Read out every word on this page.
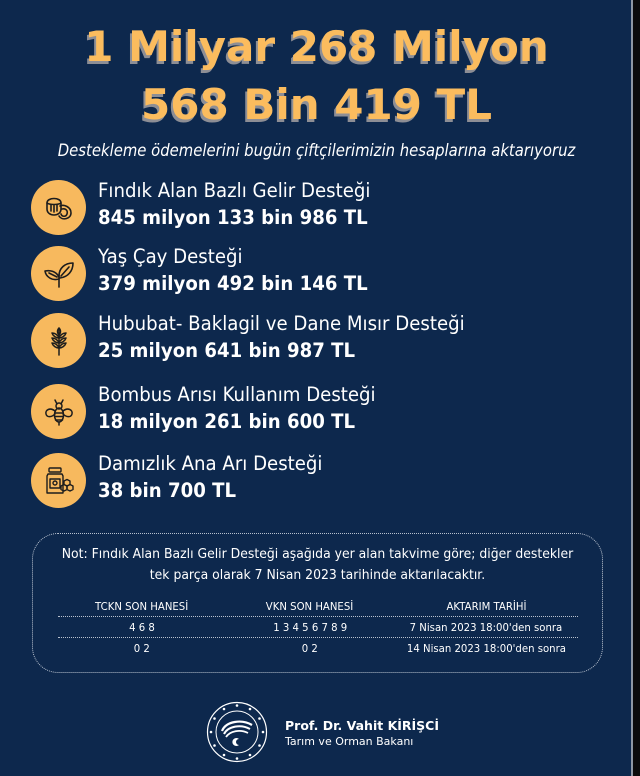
1 Milyar 268 Milyon
568 Bin 419 TL
Destekleme ödemelerini bugün çiftçilerimizin hesaplarına aktarıyoruz
Fındık Alan Bazlı Gelir Desteği
845 milyon 133 bin 986 TL
Yaş Çay Desteği
379 milyon 492 bin 146 TL
Hububat- Baklagil ve Dane Mısır Desteği
25 milyon 641 bin 987 TL
Bombus Arısı Kullanım Desteği
18 milyon 261 bin 600 TL
Damızlık Ana Arı Desteği
38 bin 700 TL
Not: Fındık Alan Bazlı Gelir Desteği aşağıda yer alan takvime göre; diğer destekler
tek parça olarak 7 Nisan 2023 tarihinde aktarılacaktır.
TCKN SON HANESİ	VKN SON HANESİ	AKTARIM TARİHİ
4 6 8	1 3 4 5 6 7 8 9	7 Nisan 2023 18:00'den sonra
0 2	0 2	14 Nisan 2023 18:00'den sonra
Prof. Dr. Vahit KİRİŞCİ
Tarım ve Orman Bakanı
